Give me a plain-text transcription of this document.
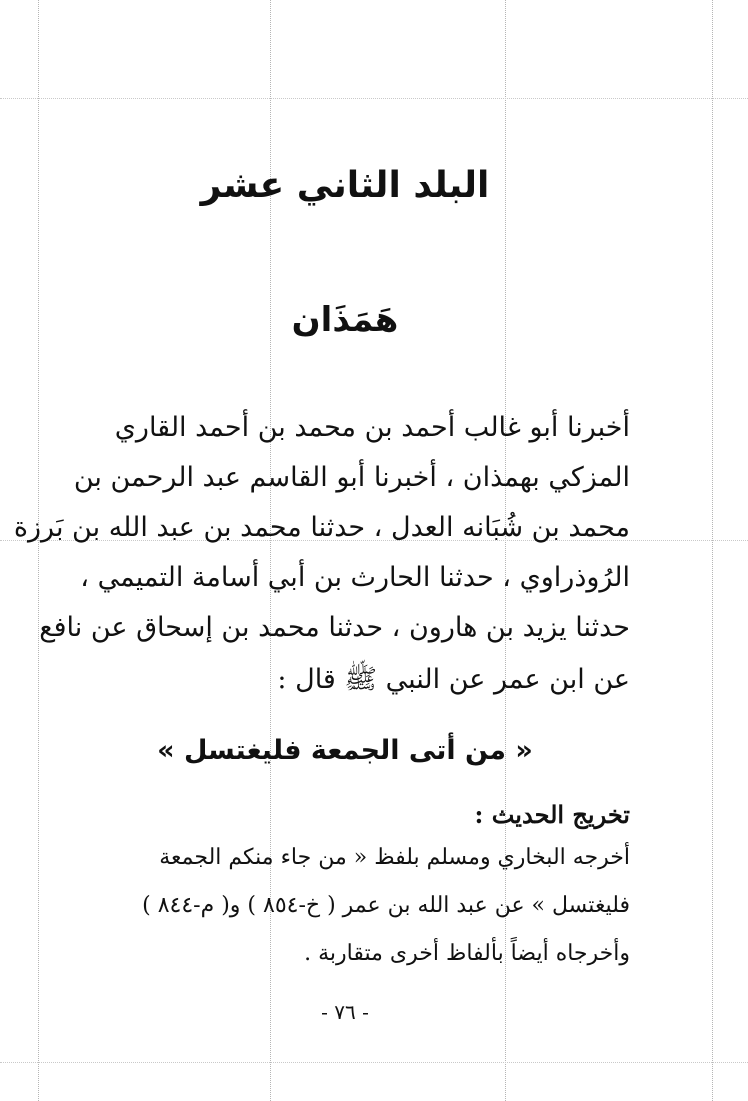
البلد الثاني عشر
هَمَذَان
أخبرنا أبو غالب أحمد بن محمد بن أحمد القاري
المزكي بهمذان ، أخبرنا أبو القاسم عبد الرحمن بن
محمد بن شُبَانه العدل ، حدثنا محمد بن عبد الله بن بَرزة
الرُوذراوي ، حدثنا الحارث بن أبي أسامة التميمي ،
حدثنا يزيد بن هارون ، حدثنا محمد بن إسحاق عن نافع
عن ابن عمر عن النبي ﷺ قال :
« من أتى الجمعة فليغتسل »
تخريج الحديث :
أخرجه البخاري ومسلم بلفظ « من جاء منكم الجمعة
فليغتسل » عن عبد الله بن عمر ( خ-٨٥٤ ) و( م-٨٤٤ )
وأخرجاه أيضاً بألفاظ أخرى متقاربة .
- ٧٦ -
